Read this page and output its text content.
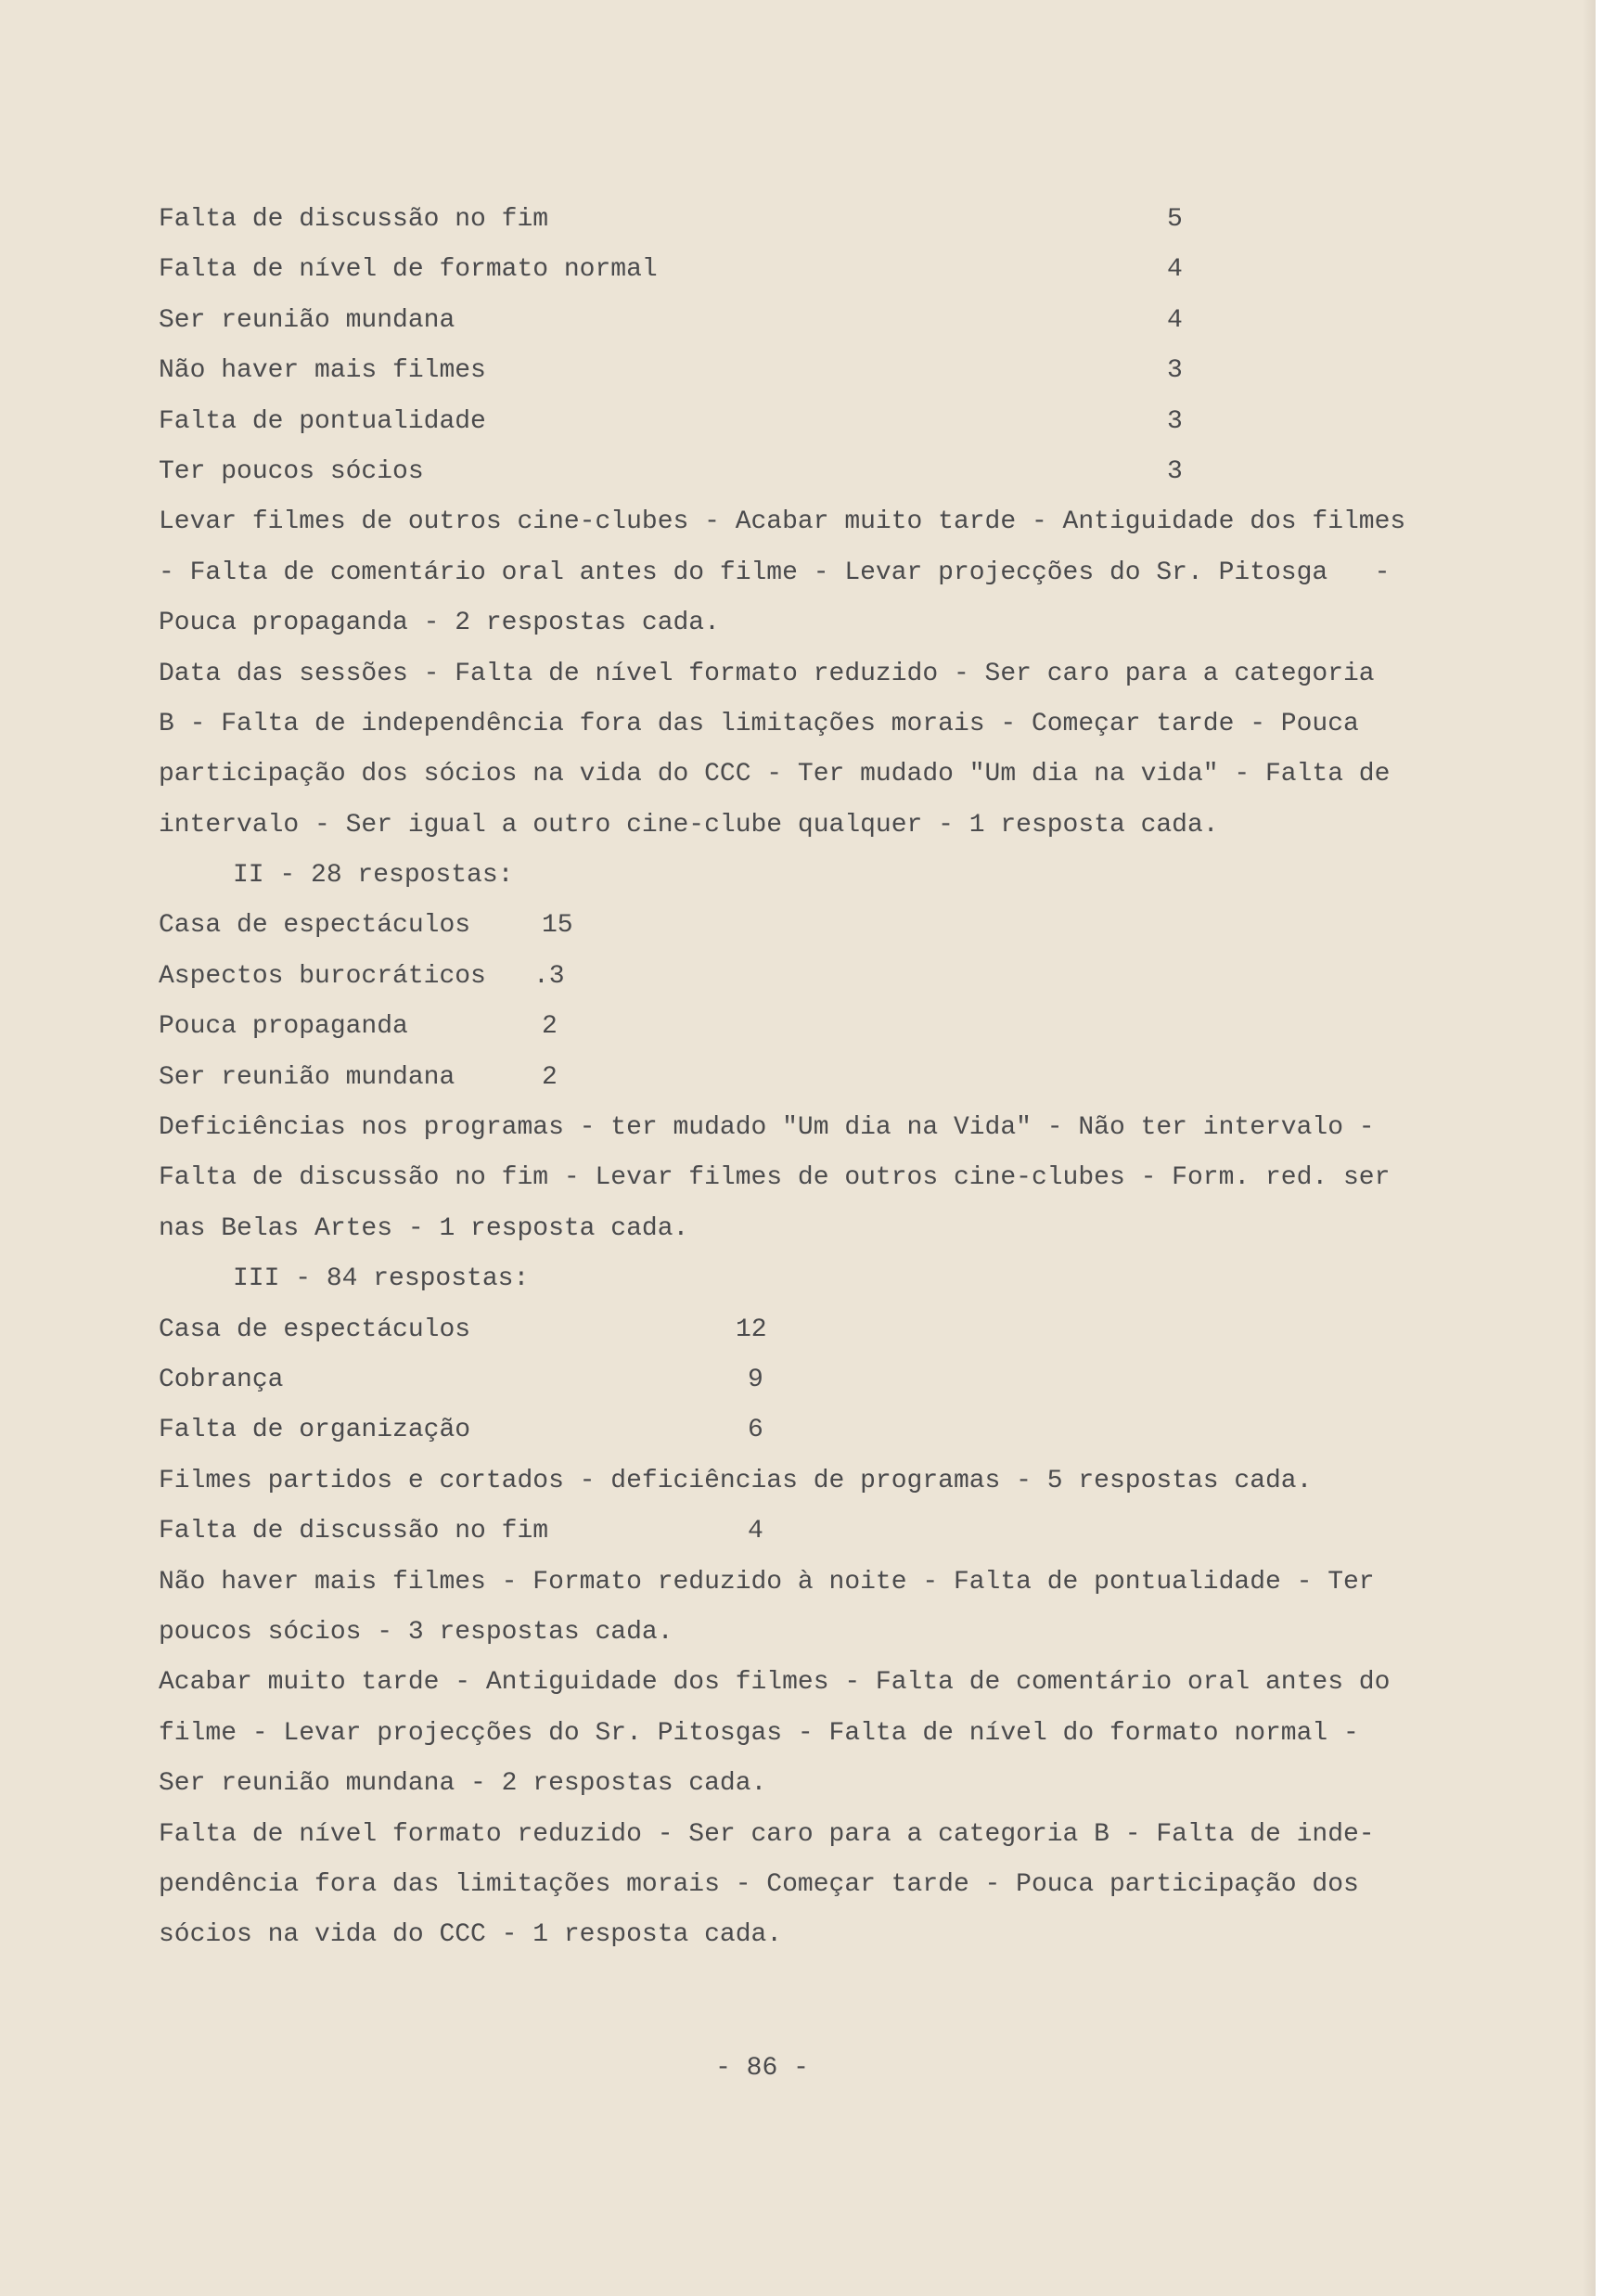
Falta de discussão no fim	5
Falta de nível de formato normal	4
Ser reunião mundana	4
Não haver mais filmes	3
Falta de pontualidade	3
Ter poucos sócios	3
Levar filmes de outros cine-clubes - Acabar muito tarde - Antiguidade dos filmes
- Falta de comentário oral antes do filme - Levar projecções do Sr. Pitosga   -
Pouca propaganda - 2 respostas cada.
Data das sessões - Falta de nível formato reduzido - Ser caro para a categoria
B - Falta de independência fora das limitações morais - Começar tarde - Pouca
participação dos sócios na vida do CCC - Ter mudado "Um dia na vida" - Falta de
intervalo - Ser igual a outro cine-clube qualquer - 1 resposta cada.
II - 28 respostas:
Casa de espectáculos	15
Aspectos burocráticos .3
Pouca propaganda	2
Ser reunião mundana	2
Deficiências nos programas - ter mudado "Um dia na Vida" - Não ter intervalo -
Falta de discussão no fim - Levar filmes de outros cine-clubes - Form. red. ser
nas Belas Artes - 1 resposta cada.
III - 84 respostas:
Casa de espectáculos	12
Cobrança	9
Falta de organização	6
Filmes partidos e cortados - deficiências de programas - 5 respostas cada.
Falta de discussão no fim	4
Não haver mais filmes - Formato reduzido à noite - Falta de pontualidade - Ter
poucos sócios - 3 respostas cada.
Acabar muito tarde - Antiguidade dos filmes - Falta de comentário oral antes do
filme - Levar projecções do Sr. Pitosgas - Falta de nível do formato normal -
Ser reunião mundana - 2 respostas cada.
Falta de nível formato reduzido - Ser caro para a categoria B - Falta de inde-
pendência fora das limitações morais - Começar tarde - Pouca participação dos
sócios na vida do CCC - 1 resposta cada.
- 86 -
